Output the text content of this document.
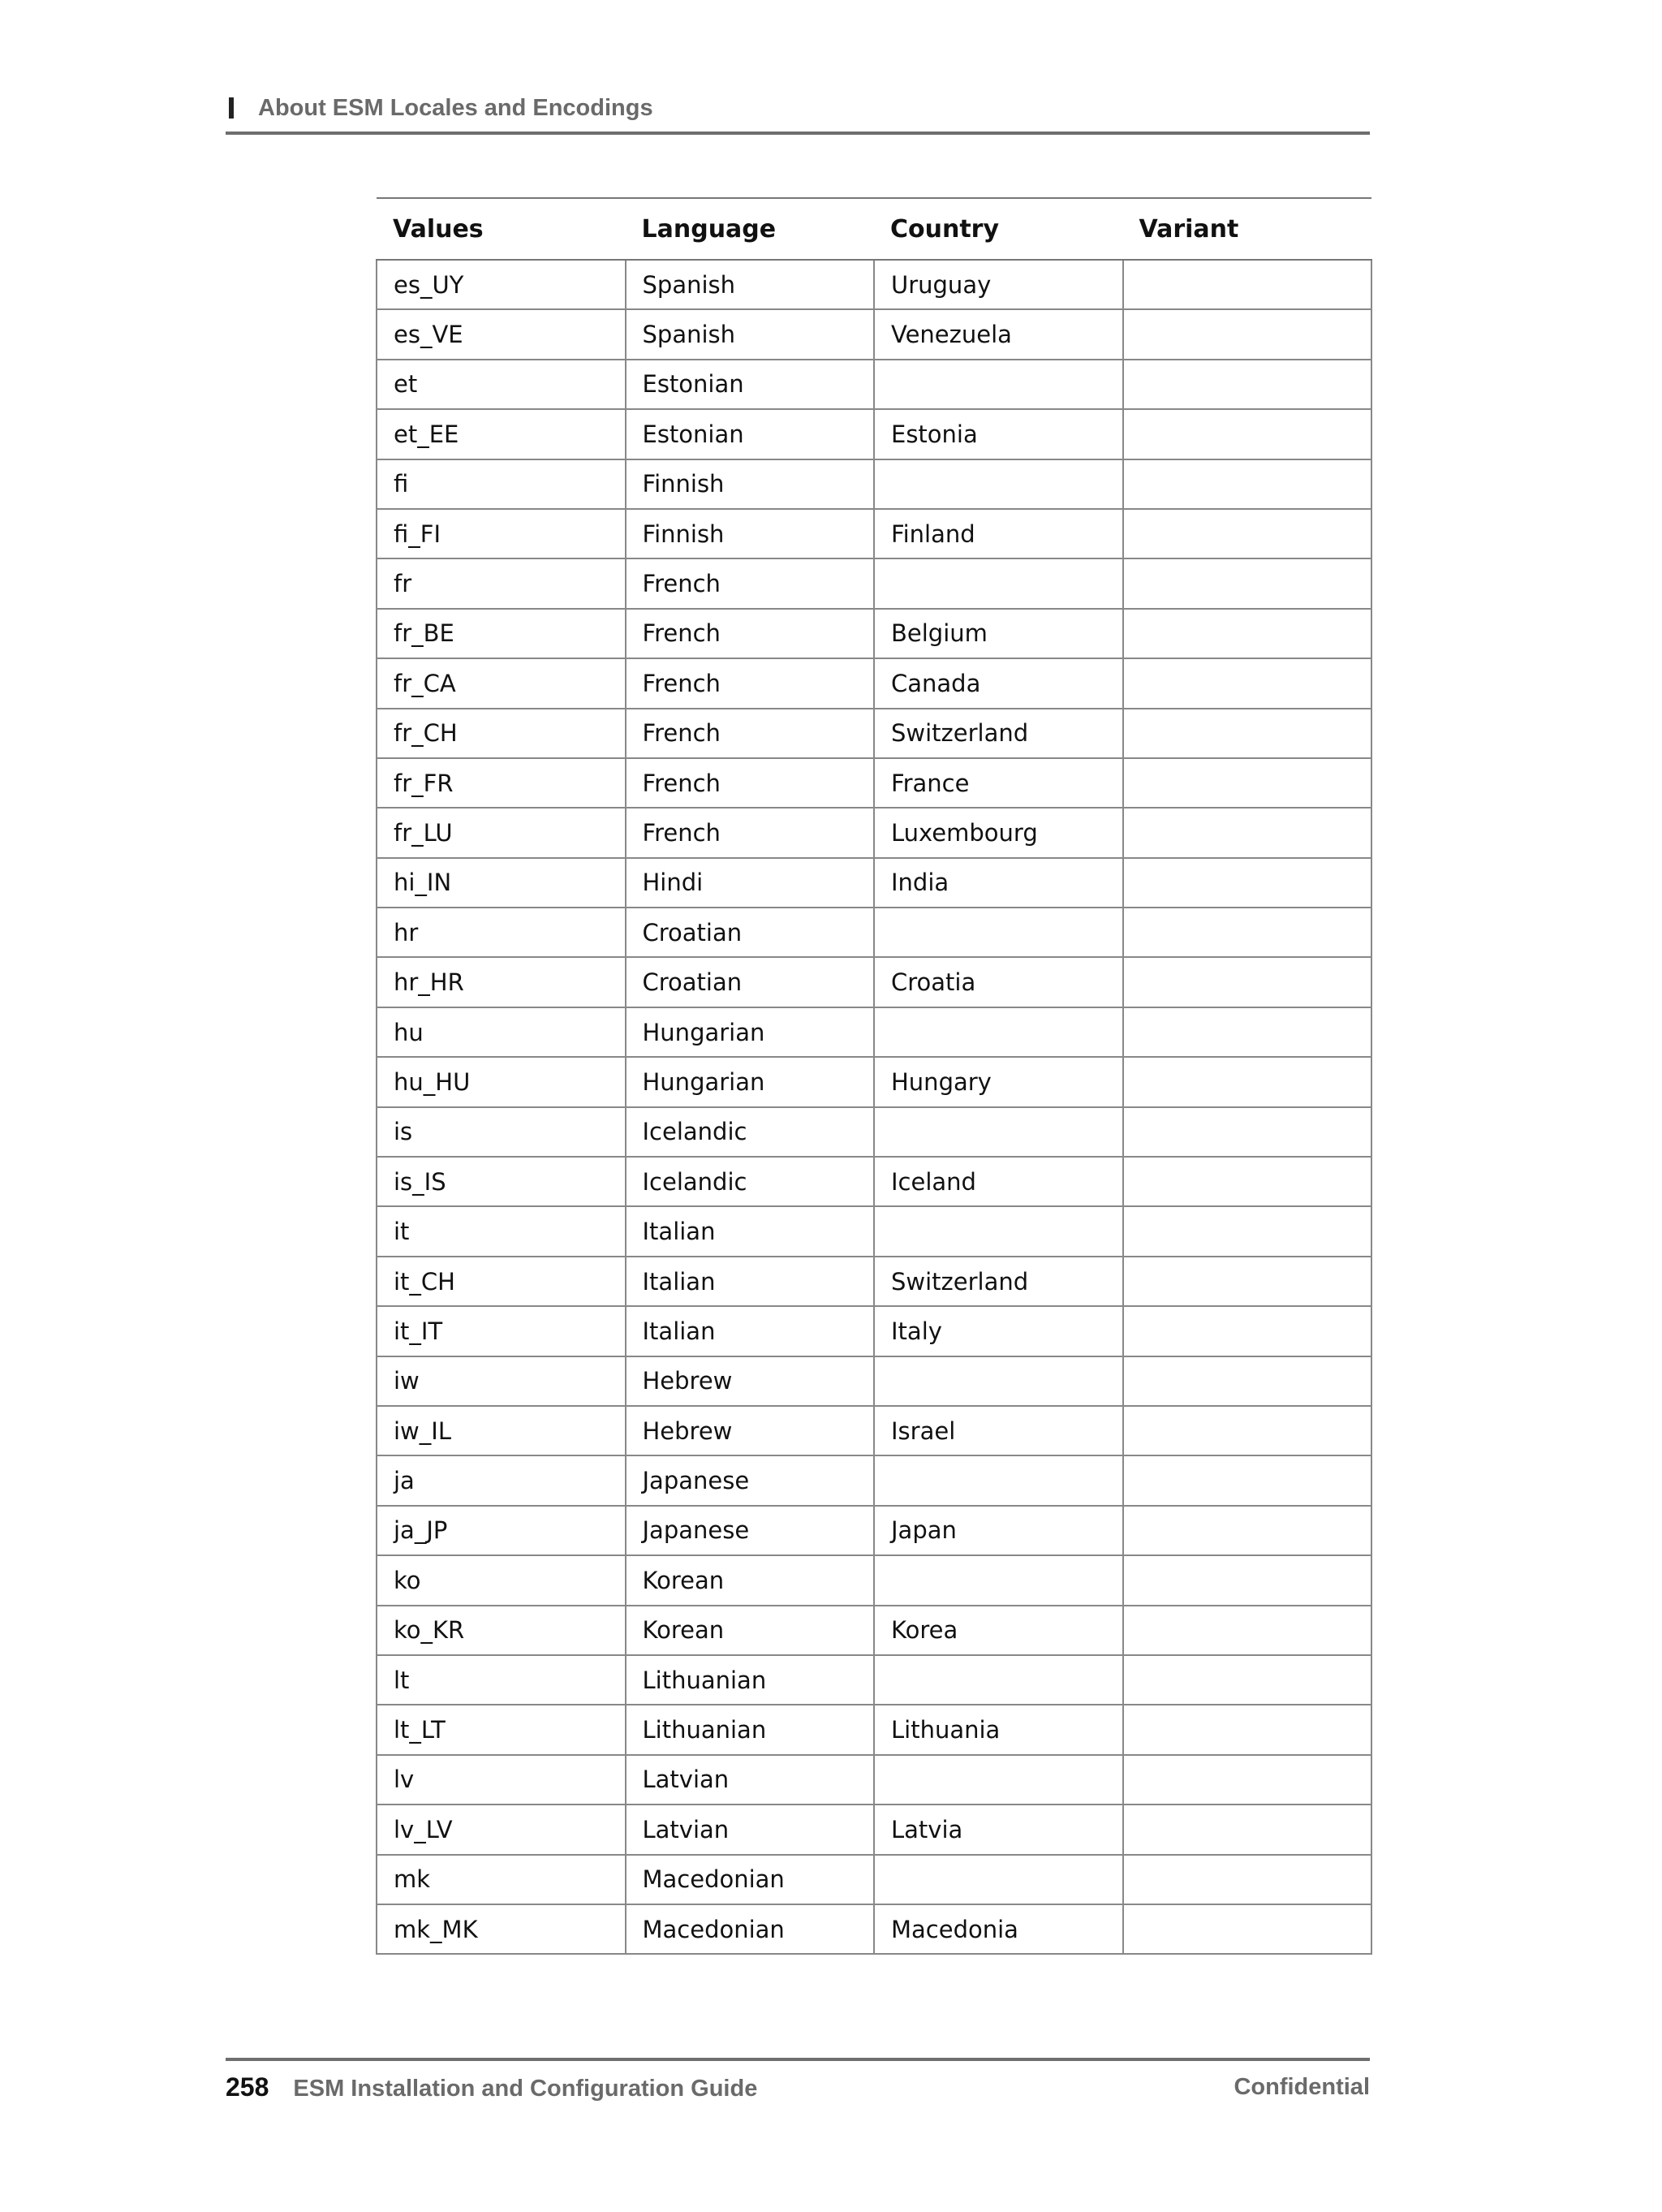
About ESM Locales and Encodings
Values	Language	Country	Variant
es_UY	Spanish	Uruguay	
es_VE	Spanish	Venezuela	
et	Estonian		
et_EE	Estonian	Estonia	
fi	Finnish		
fi_FI	Finnish	Finland	
fr	French		
fr_BE	French	Belgium	
fr_CA	French	Canada	
fr_CH	French	Switzerland	
fr_FR	French	France	
fr_LU	French	Luxembourg	
hi_IN	Hindi	India	
hr	Croatian		
hr_HR	Croatian	Croatia	
hu	Hungarian		
hu_HU	Hungarian	Hungary	
is	Icelandic		
is_IS	Icelandic	Iceland	
it	Italian		
it_CH	Italian	Switzerland	
it_IT	Italian	Italy	
iw	Hebrew		
iw_IL	Hebrew	Israel	
ja	Japanese		
ja_JP	Japanese	Japan	
ko	Korean		
ko_KR	Korean	Korea	
lt	Lithuanian		
lt_LT	Lithuanian	Lithuania	
lv	Latvian		
lv_LV	Latvian	Latvia	
mk	Macedonian		
mk_MK	Macedonian	Macedonia	
258 ESM Installation and Configuration Guide	Confidential
